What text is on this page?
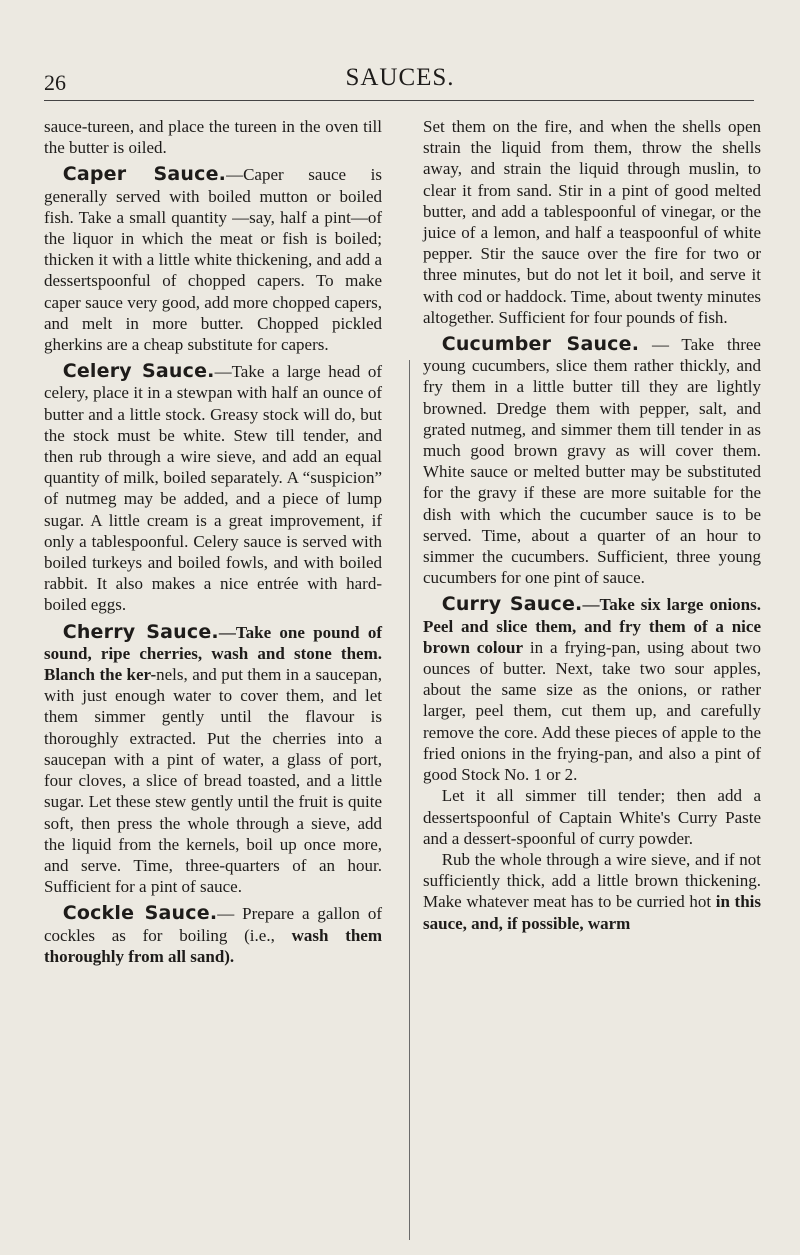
26	SAUCES.

sauce-tureen, and place the tureen in the oven till the butter is oiled.

Caper Sauce.—Caper sauce is generally served with boiled mutton or boiled fish. Take a small quantity —say, half a pint—of the liquor in which the meat or fish is boiled; thicken it with a little white thickening, and add a dessertspoonful of chopped capers. To make caper sauce very good, add more chopped capers, and melt in more butter. Chopped pickled gherkins are a cheap substitute for capers.

Celery Sauce.—Take a large head of celery, place it in a stewpan with half an ounce of butter and a little stock. Greasy stock will do, but the stock must be white. Stew till tender, and then rub through a wire sieve, and add an equal quantity of milk, boiled separately. A “suspicion” of nutmeg may be added, and a piece of lump sugar. A little cream is a great improvement, if only a tablespoonful. Celery sauce is served with boiled turkeys and boiled fowls, and with boiled rabbit. It also makes a nice entrée with hard-boiled eggs.

Cherry Sauce.—Take one pound of sound, ripe cherries, wash and stone them. Blanch the ker-nels, and put them in a saucepan, with just enough water to cover them, and let them simmer gently until the flavour is thoroughly extracted. Put the cherries into a saucepan with a pint of water, a glass of port, four cloves, a slice of bread toasted, and a little sugar. Let these stew gently until the fruit is quite soft, then press the whole through a sieve, add the liquid from the kernels, boil up once more, and serve. Time, three-quarters of an hour. Sufficient for a pint of sauce.

Cockle Sauce.— Prepare a gallon of cockles as for boiling (i.e., wash them thoroughly from all sand).

Set them on the fire, and when the shells open strain the liquid from them, throw the shells away, and strain the liquid through muslin, to clear it from sand. Stir in a pint of good melted butter, and add a tablespoonful of vinegar, or the juice of a lemon, and half a teaspoonful of white pepper. Stir the sauce over the fire for two or three minutes, but do not let it boil, and serve it with cod or haddock. Time, about twenty minutes altogether. Sufficient for four pounds of fish.

Cucumber Sauce. — Take three young cucumbers, slice them rather thickly, and fry them in a little butter till they are lightly browned. Dredge them with pepper, salt, and grated nutmeg, and simmer them till tender in as much good brown gravy as will cover them. White sauce or melted butter may be substituted for the gravy if these are more suitable for the dish with which the cucumber sauce is to be served. Time, about a quarter of an hour to simmer the cucumbers. Sufficient, three young cucumbers for one pint of sauce.

Curry Sauce.—Take six large onions. Peel and slice them, and fry them of a nice brown colour in a frying-pan, using about two ounces of butter. Next, take two sour apples, about the same size as the onions, or rather larger, peel them, cut them up, and carefully remove the core. Add these pieces of apple to the fried onions in the frying-pan, and also a pint of good Stock No. 1 or 2.

Let it all simmer till tender; then add a dessertspoonful of Captain White's Curry Paste and a dessert-spoonful of curry powder.

Rub the whole through a wire sieve, and if not sufficiently thick, add a little brown thickening. Make whatever meat has to be curried hot in this sauce, and, if possible, warm
